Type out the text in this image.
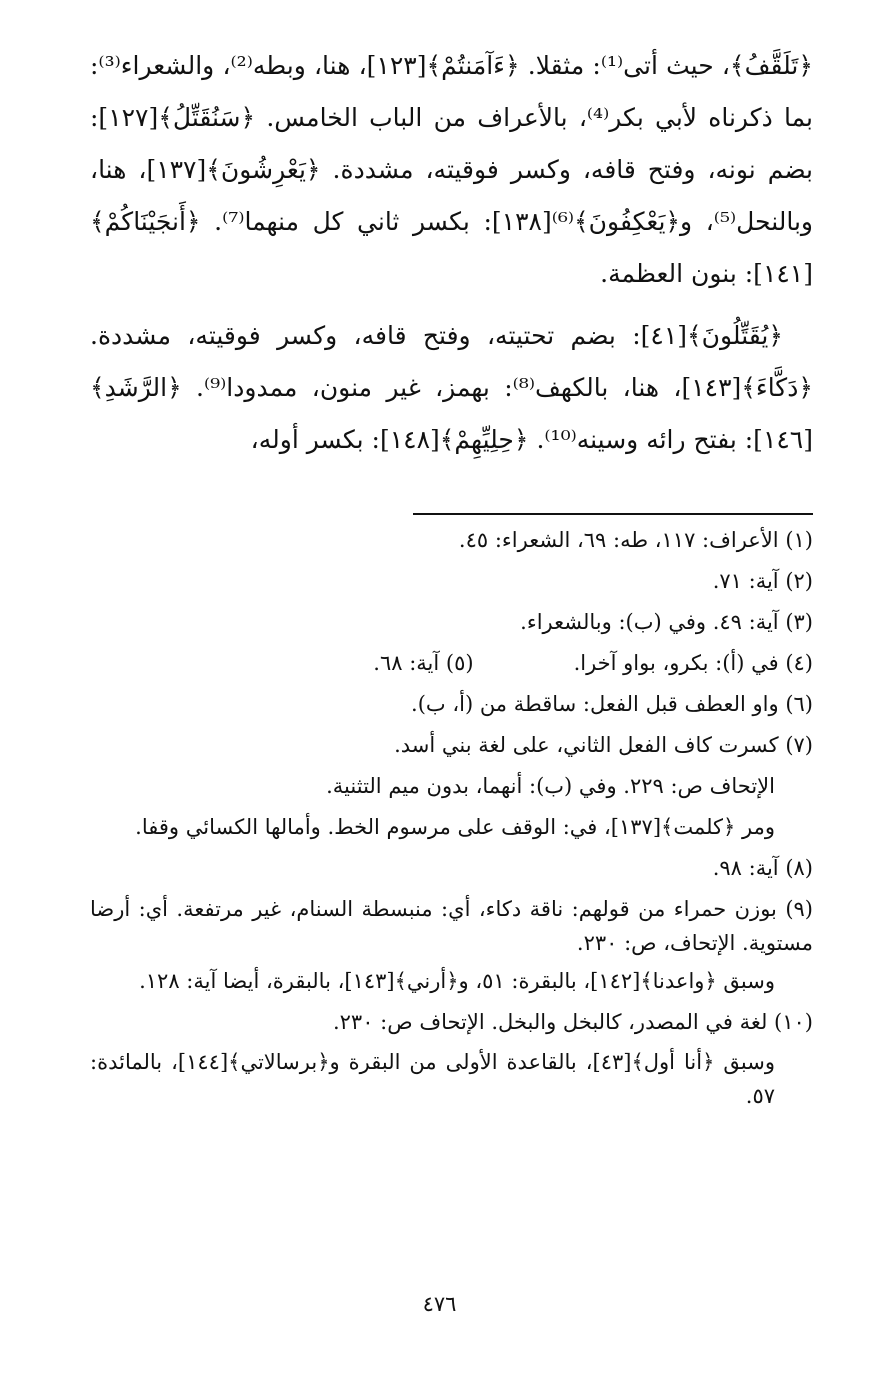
﴿تَلَقَّفُ﴾، حيث أتى⁽¹⁾: مثقلا. ﴿ءَآمَنتُمْ﴾[١٢٣]، هنا، وبطه⁽²⁾، والشعراء⁽³⁾: بما ذكرناه لأبي بكر⁽⁴⁾، بالأعراف من الباب الخامس. ﴿سَنُقَتِّلُ﴾[١٢٧]: بضم نونه، وفتح قافه، وكسر فوقيته، مشددة. ﴿يَعْرِشُونَ﴾[١٣٧]، هنا، وبالنحل⁽⁵⁾، و﴿يَعْكِفُونَ﴾⁽⁶⁾[١٣٨]: بكسر ثاني كل منهما⁽⁷⁾. ﴿أَنجَيْنَاكُمْ﴾[١٤١]: بنون العظمة.

﴿يُقَتِّلُونَ﴾[٤١]: بضم تحتيته، وفتح قافه، وكسر فوقيته، مشددة. ﴿دَكَّاءَ﴾[١٤٣]، هنا، بالكهف⁽⁸⁾: بهمز، غير منون، ممدودا⁽⁹⁾. ﴿الرَّشَدِ﴾[١٤٦]: بفتح رائه وسينه⁽¹⁰⁾. ﴿حِلِيِّهِمْ﴾[١٤٨]: بكسر أوله،

(١) الأعراف: ١١٧، طه: ٦٩، الشعراء: ٤٥.

(٢) آية: ٧١.

(٣) آية: ٤٩. وفي (ب): وبالشعراء.

(٤) في (أ): بكرو، بواو آخرا.(٥) آية: ٦٨.

(٦) واو العطف قبل الفعل: ساقطة من (أ، ب).

(٧) كسرت كاف الفعل الثاني، على لغة بني أسد.

الإتحاف ص: ٢٢٩. وفي (ب): أنهما، بدون ميم التثنية.

ومر ﴿كلمت﴾[١٣٧]، في: الوقف على مرسوم الخط. وأمالها الكسائي وقفا.

(٨) آية: ٩٨.

(٩) بوزن حمراء من قولهم: ناقة دكاء، أي: منبسطة السنام، غير مرتفعة. أي: أرضا مستوية. الإتحاف، ص: ٢٣٠.

وسبق ﴿واعدنا﴾[١٤٢]، بالبقرة: ٥١، و﴿أرني﴾[١٤٣]، بالبقرة، أيضا آية: ١٢٨.

(١٠) لغة في المصدر، كالبخل والبخل. الإتحاف ص: ٢٣٠.

وسبق ﴿أنا أول﴾[٤٣]، بالقاعدة الأولى من البقرة و﴿برسالاتي﴾[١٤٤]، بالمائدة: ٥٧.

٤٧٦
